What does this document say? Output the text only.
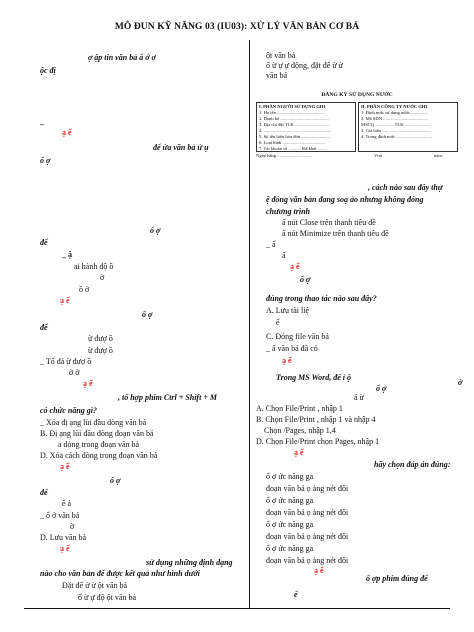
MÔ ĐUN KỸ NĂNG 03 (IU03): XỬ LÝ VĂN BẢN CƠ BẢ
ợ ập tin văn bả ẩ ở ơ
ộc đị
_
ạ ể
để ửa văn bả ử ụ
ổ ợ
ổ ợ
để
_ ậ
ai hành độ ồ
ờ
ồ ờ
ạ ể
ổ ợ
để
ừ đượ ồ
ừ đượ ồ
_ Tổ đả ừ đượ ồ
ờ ờ
ạ ể
, tổ hợp phím Ctrl + Shift + M
có chức năng gì?
_ Xóa đị ạng lùi đầu dòng văn bả
B. Đị ạng lùi đầu dòng đoạn văn bả
a dòng trong đoạn văn bả
D. Xóa cách dòng trong đoạn văn bả
ạ ể
ổ ợ
để
ể ả
_ ổ ở văn bả
ờ
D. Lưu văn bả
ạ ể
sử dụng những định dạng
nào cho văn bản để được kết quả như hình dưới
Đặt để ử ừ ột văn bả
ổ ừ ự độ ột văn bả
ột văn bả
ổ ừ ự ự động, đặt để ử ừ
văn bả
, cách nào sau đây thự
ệ đóng văn bản đang soạ ảo nhưng không đóng
chương trình
ấ nút Close trên thanh tiêu đề
ấ nút Minimize trên thanh tiêu đề
_ ấ
ấ
ạ ể
ổ ợ
đúng trong thao tác nào sau đây?
A. Lưu tài liệ
ể
C. Đóng file văn bả
_ ấ văn bả đã có
ạ ể
Trong MS Word, để ỉ ộ
ổ ợ
ở
ả ừ
A. Chọn File/Print , nhập 1
B. Chọn File/Print , nhập 1 và nhập 4
Chọn /Pages, nhập 1,4
D. Chọn File/Print chọn Pages, nhập 1
ạ ể
hãy chọn đáp án đúng:
ổ ợ ức năng ga
đoạn văn bả ọ ảng nét đôi
ổ ợ ức năng ga
đoạn văn bả ọ ảng nét đôi
ổ ợ ức năng ga
đoạn văn bả ọ ảng nét đôi
ổ ợ ức năng ga
đoạn văn bả ọ ảng nét đôi
ạ ể
ổ ợp phím đúng để
ể
ĐĂNG KÝ SỬ DỤNG NƯỚC
I. PHẦN NGƯỜI SỬ DỤNG GHI
1. Họ tên ..........................................
2. Danh bộ ..........................................
3. Địa chỉ đặt TLK ..............................
4. ...........................................................
5. Số tên hiệu hòa đơn .........................
6. Loại hình .....................................
7. Tài khoản số ........... Đã khai ........
II. PHẦN CÔNG TY NƯỚC GHI
1. Định mức sử dụng nước ...............
2. Mã SDN .......................................
MSCQ ................ TLK ......................
3. Giá biểu ..........................................
4. Trong định mức ...............................
Ngày hằng ..............................	Vrut	năm
